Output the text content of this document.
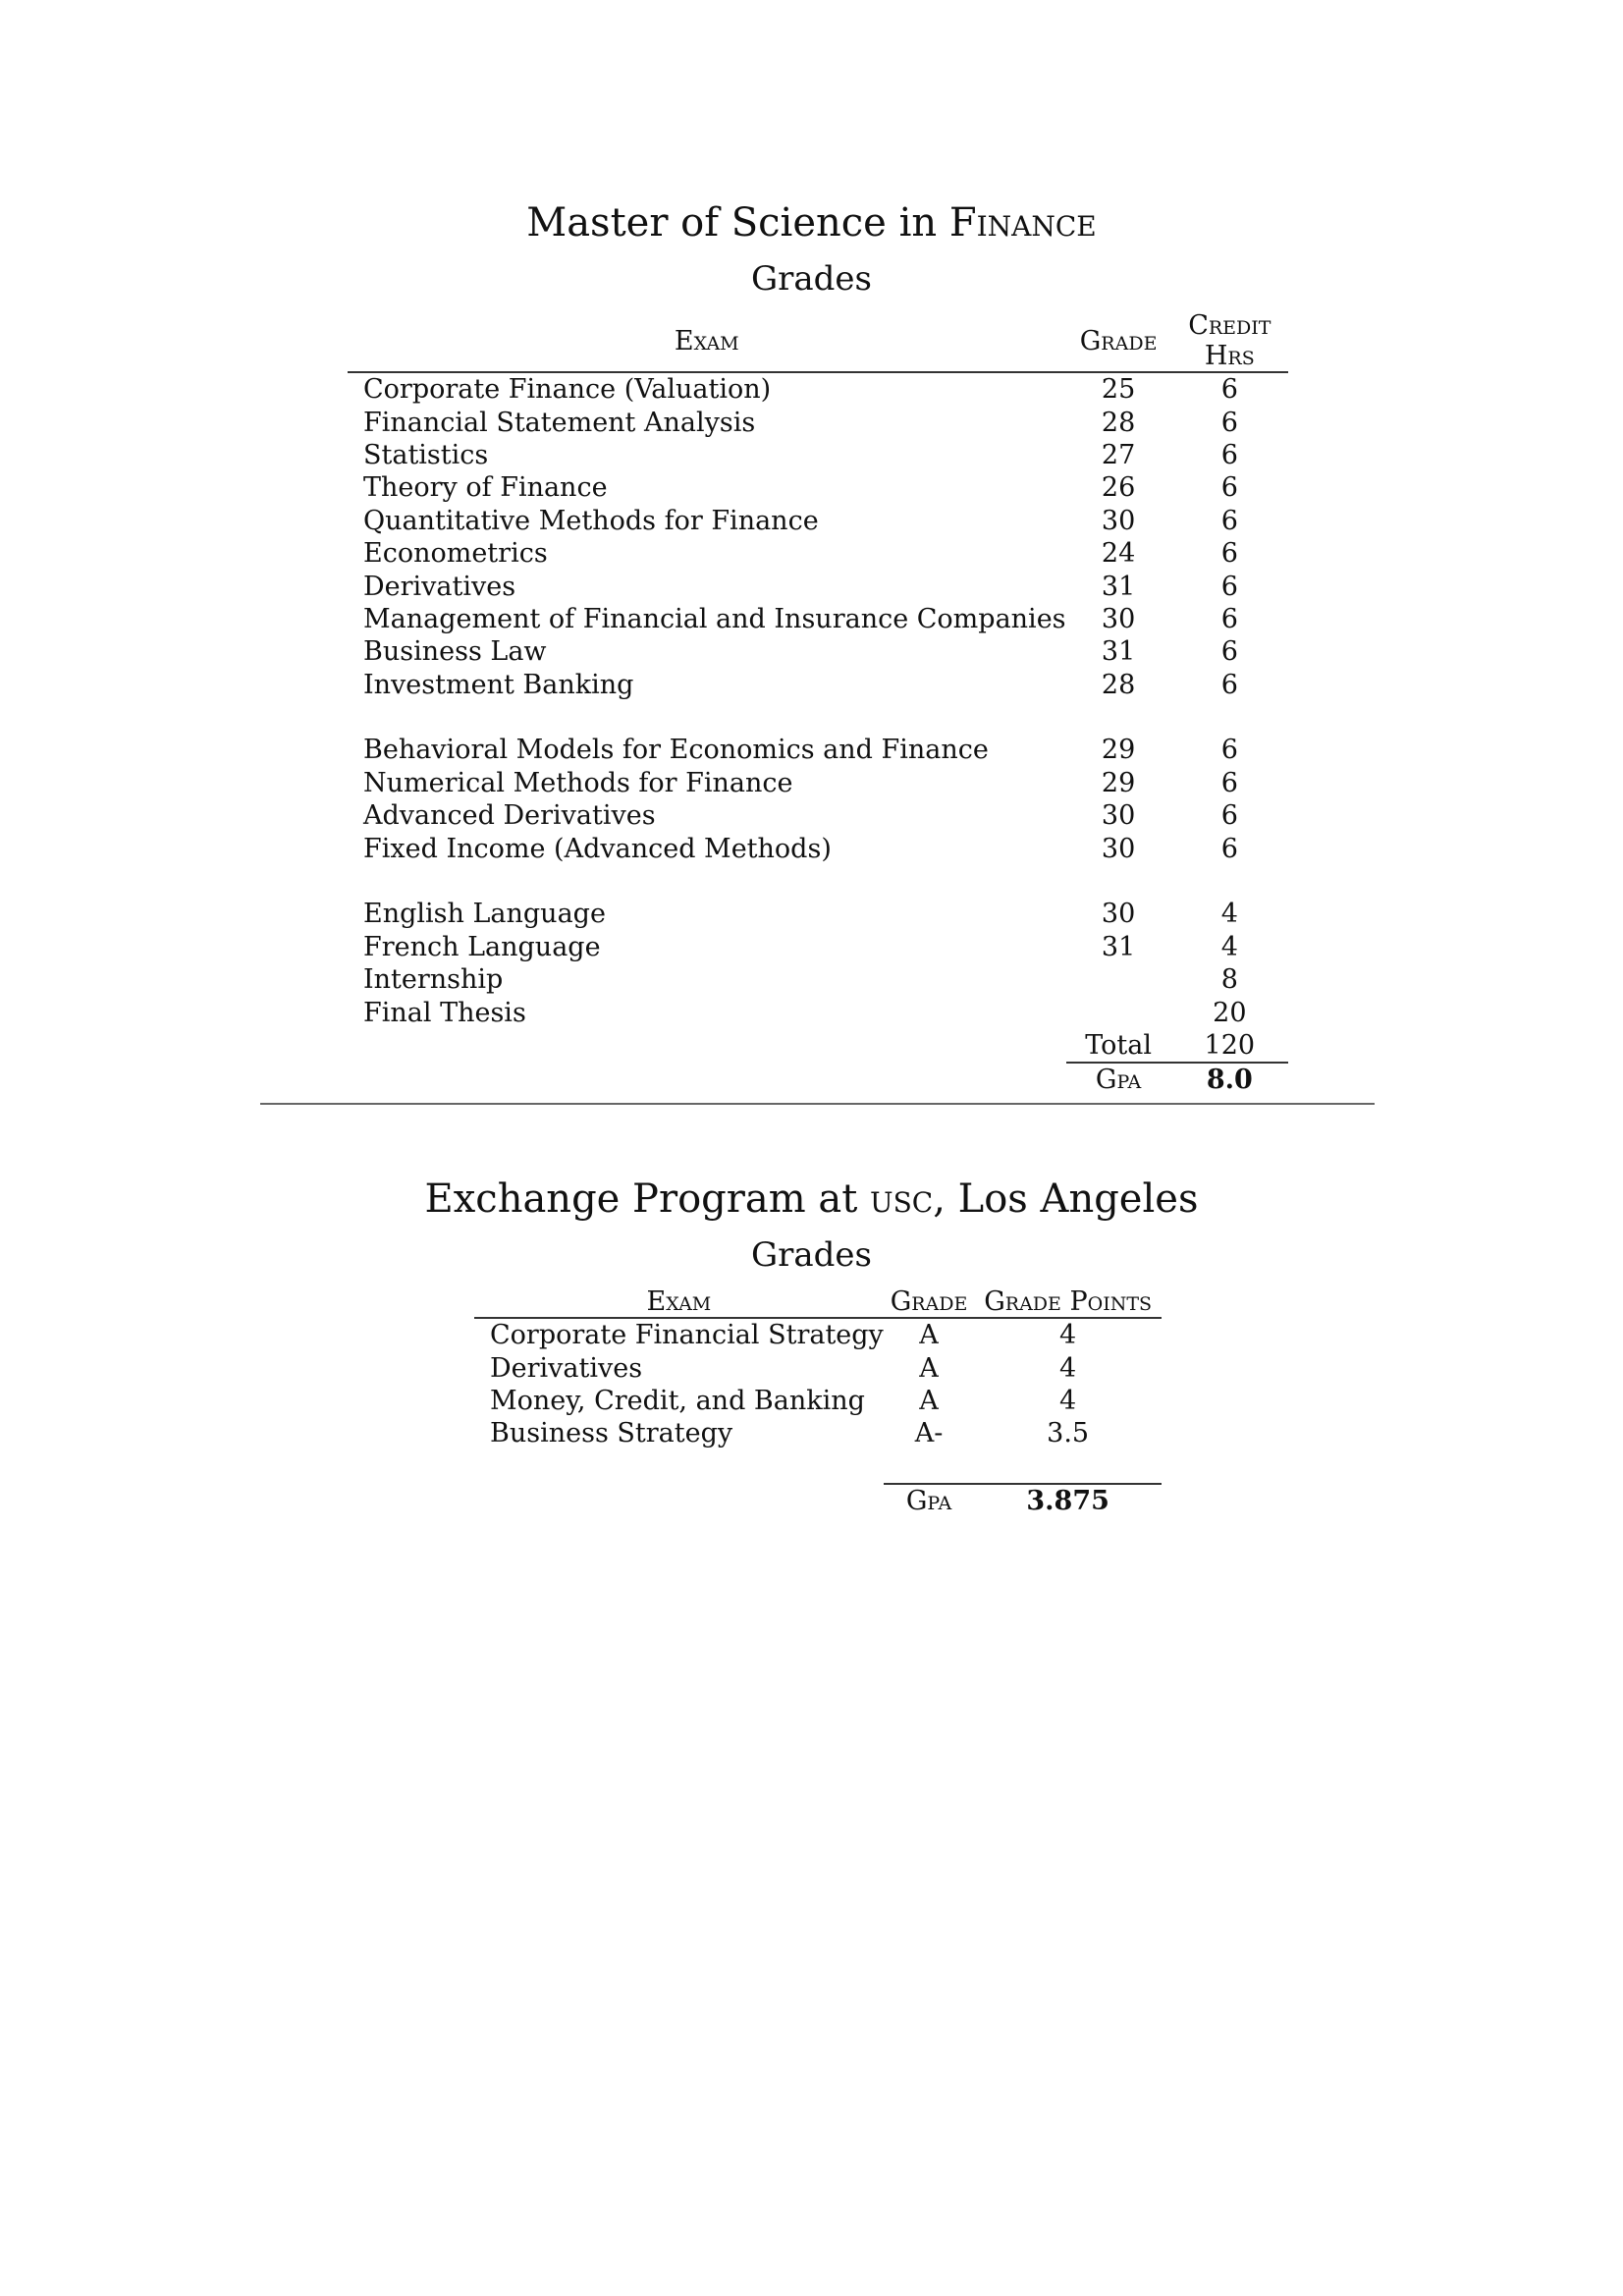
Master of Science in Finance
Grades
Exam	Grade	Credit Hrs
Corporate Finance (Valuation)	25	6
Financial Statement Analysis	28	6
Statistics	27	6
Theory of Finance	26	6
Quantitative Methods for Finance	30	6
Econometrics	24	6
Derivatives	31	6
Management of Financial and Insurance Companies	30	6
Business Law	31	6
Investment Banking	28	6

Behavioral Models for Economics and Finance	29	6
Numerical Methods for Finance	29	6
Advanced Derivatives	30	6
Fixed Income (Advanced Methods)	30	6

English Language	30	4
French Language	31	4
Internship		8
Final Thesis		20
	Total	120
	Gpa	8.0
Exchange Program at usc, Los Angeles
Grades
Exam	Grade	Grade Points
Corporate Financial Strategy	A	4
Derivatives	A	4
Money, Credit, and Banking	A	4
Business Strategy	A-	3.5

	Gpa	3.875
